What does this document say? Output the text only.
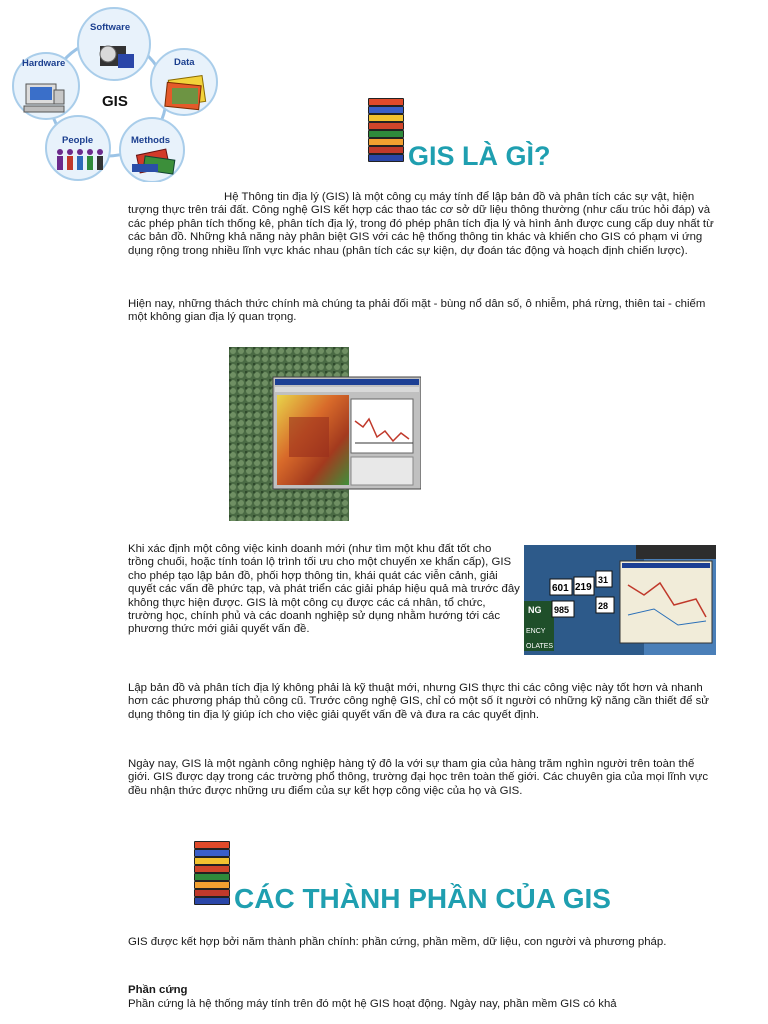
GIS
Software
Hardware	Data
People	Methods
GIS LÀ GÌ?

Hệ Thông tin địa lý (GIS) là một công cụ máy tính để lập bản đồ và phân tích các sự vật, hiện tượng thực trên trái đất. Công nghệ GIS kết hợp các thao tác cơ sở dữ liệu thông thường (như cấu trúc hỏi đáp) và các phép phân tích thống kê, phân tích địa lý, trong đó phép phân tích địa lý và hình ảnh được cung cấp duy nhất từ các bản đồ. Những khả năng này phân biệt GIS với các hệ thống thông tin khác và khiến cho GIS có phạm vi ứng dụng rộng trong nhiều lĩnh vực khác nhau (phân tích các sự kiện, dự đoán tác động và hoạch định chiến lược).

Hiện nay, những thách thức chính mà chúng ta phải đối mặt - bùng nổ dân số, ô nhiễm, phá rừng, thiên tai - chiếm một không gian địa lý quan trọng.

Khi xác định một công việc kinh doanh mới (như tìm một khu đất tốt cho trồng chuối, hoặc tính toán lộ trình tối ưu cho một chuyến xe khẩn cấp), GIS cho phép tạo lập bản đồ, phối hợp thông tin, khái quát các viễn cảnh, giải quyết các vấn đề phức tạp, và phát triển các giải pháp hiệu quả mà trước đây không thực hiện được. GIS là một công cụ được các cá nhân, tổ chức, trường học, chính phủ và các doanh nghiệp sử dụng nhằm hướng tới các phương thức mới giải quyết vấn đề.

NG
ENCY
OLATES
601 219
31
985	28

Lập bản đồ và phân tích địa lý không phải là kỹ thuật mới, nhưng GIS thực thi các công việc này tốt hơn và nhanh hơn các phương pháp thủ công cũ. Trước công nghệ GIS, chỉ có một số ít người có những kỹ năng cần thiết để sử dụng thông tin địa lý giúp ích cho việc giải quyết vấn đề và đưa ra các quyết định.

Ngày nay, GIS là một ngành công nghiệp hàng tỷ đô la với sự tham gia của hàng trăm nghìn người trên toàn thế giới. GIS được dạy trong các trường phổ thông, trường đại học trên toàn thế giới. Các chuyên gia của mọi lĩnh vực đều nhận thức được những ưu điểm của sự kết hợp công việc của họ và GIS.

CÁC THÀNH PHẦN CỦA GIS

GIS được kết hợp bởi năm thành phần chính: phần cứng, phần mềm, dữ liệu, con người và phương pháp.

Phần cứng

Phần cứng là hệ thống máy tính trên đó một hệ GIS hoạt động. Ngày nay, phần mềm GIS có khả
